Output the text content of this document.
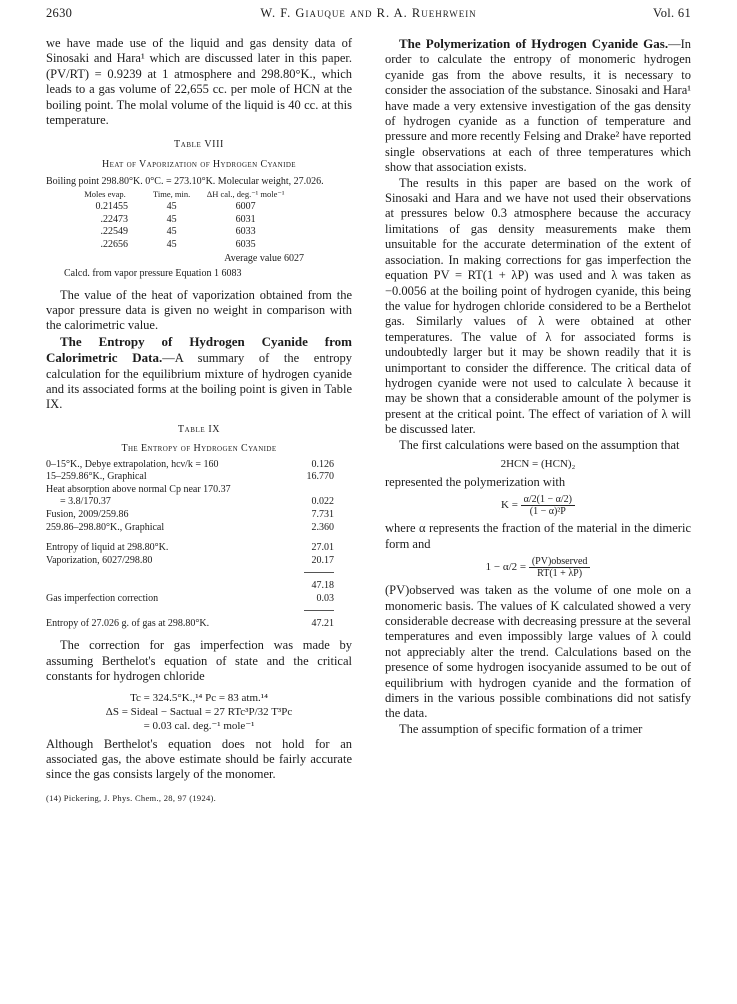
2630	W. F. Giauque and R. A. Ruehrwein	Vol. 61

we have made use of the liquid and gas density data of Sinosaki and Hara¹ which are discussed later in this paper. (PV/RT) = 0.9239 at 1 atmosphere and 298.80°K., which leads to a gas volume of 22,655 cc. per mole of HCN at the boiling point. The molal volume of the liquid is 40 cc. at this temperature.

Table VIII
Heat of Vaporization of Hydrogen Cyanide
Boiling point 298.80°K. 0°C. = 273.10°K. Molecular weight, 27.026.
Moles evap.	Time, min.	ΔH cal., deg.⁻¹ mole⁻¹
0.21455	45	6007
.22473	45	6031
.22549	45	6033
.22656	45	6035
Average value 6027
Calcd. from vapor pressure Equation 1 6083

The value of the heat of vaporization obtained from the vapor pressure data is given no weight in comparison with the calorimetric value.

The Entropy of Hydrogen Cyanide from Calorimetric Data.—A summary of the entropy calculation for the equilibrium mixture of hydrogen cyanide and its associated forms at the boiling point is given in Table IX.

Table IX
The Entropy of Hydrogen Cyanide
0–15°K., Debye extrapolation, hcν/k = 160	0.126
15–259.86°K., Graphical	16.770
Heat absorption above normal Cp near 170.37	
= 3.8/170.37	0.022
Fusion, 2009/259.86	7.731
259.86–298.80°K., Graphical	2.360
Entropy of liquid at 298.80°K.	27.01
Vaporization, 6027/298.80	20.17

	47.18
Gas imperfection correction	0.03

Entropy of 27.026 g. of gas at 298.80°K.	47.21

The correction for gas imperfection was made by assuming Berthelot's equation of state and the critical constants for hydrogen chloride

Tc = 324.5°K.,¹⁴ Pc = 83 atm.¹⁴
ΔS = Sideal − Sactual = 27 RTc³P/32 T³Pc
= 0.03 cal. deg.⁻¹ mole⁻¹

Although Berthelot's equation does not hold for an associated gas, the above estimate should be fairly accurate since the gas consists largely of the monomer.

(14) Pickering, J. Phys. Chem., 28, 97 (1924).

The Polymerization of Hydrogen Cyanide Gas.—In order to calculate the entropy of monomeric hydrogen cyanide gas from the above results, it is necessary to consider the association of the substance. Sinosaki and Hara¹ have made a very extensive investigation of the gas density of hydrogen cyanide as a function of temperature and pressure and more recently Felsing and Drake² have reported single observations at each of three temperatures which show that association exists.

The results in this paper are based on the work of Sinosaki and Hara and we have not used their observations at pressures below 0.3 atmosphere because the accuracy limitations of gas density measurements make them unsuitable for the accurate determination of the extent of association. In making corrections for gas imperfection the equation PV = RT(1 + λP) was used and λ was taken as −0.0056 at the boiling point of hydrogen cyanide, this being the value for hydrogen chloride considered to be a Berthelot gas. Similarly values of λ were obtained at other temperatures. The value of λ for associated forms is undoubtedly larger but it may be shown readily that it is unimportant to consider the difference. The critical data of hydrogen cyanide were not used to calculate λ because it may be shown that a considerable amount of the polymer is present at the critical point. The effect of variation of λ will be discussed later.

The first calculations were based on the assumption that

2HCN = (HCN)₂

represented the polymerization with

$K = \frac{\alpha/2(1 - \alpha/2)}{\text{(1 − α)²P}}$

where α represents the fraction of the material in the dimeric form and

$1 - \alpha/2 = \frac{\text{(PV)observed}}{RT(1 + \lambda P)}$

(PV)observed was taken as the volume of one mole on a monomeric basis. The values of K calculated showed a very considerable decrease with decreasing pressure at the several temperatures and even impossibly large values of λ could not appreciably alter the trend. Calculations based on the presence of some hydrogen isocyanide assumed to be out of equilibrium with hydrogen cyanide and the formation of dimers in the various possible combinations did not satisfy the data.

The assumption of specific formation of a trimer
